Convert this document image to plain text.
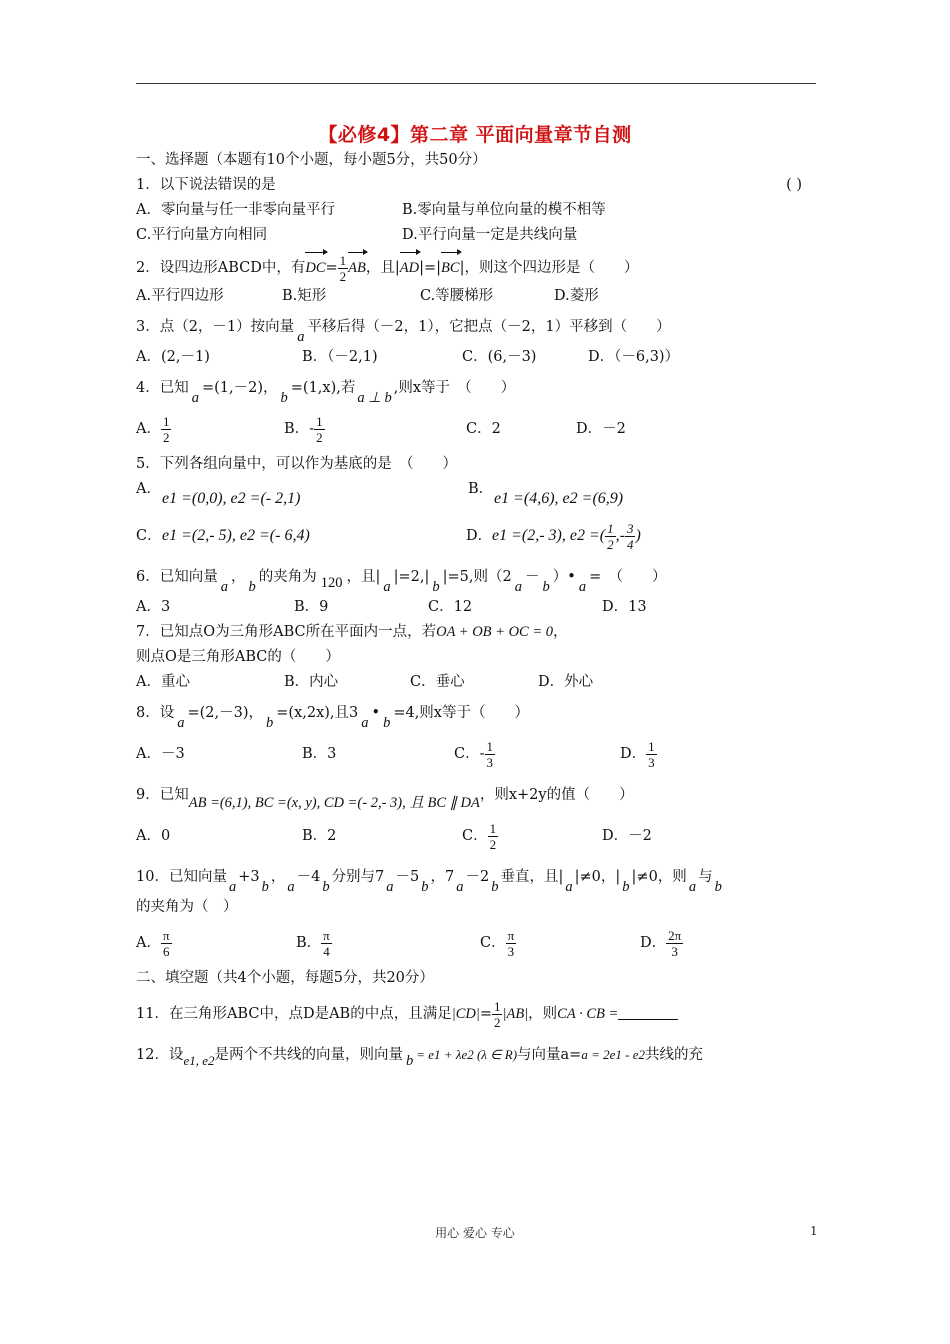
【必修4】第二章 平面向量章节自测
一、选择题（本题有10个小题，每小题5分，共50分）
1．以下说法错误的是	( )
A．零向量与任一非零向量平行	B.零向量与单位向量的模不相等
C.平行向量方向相同	D.平行向量一定是共线向量
2．设四边形ABCD中，有$DC= \frac{1}{2}$ AB，且|AD|=|BC|，则这个四边形是（　　）
A.平行四边形	B.矩形	C.等腰梯形	D.菱形
3．点（2，－1）按向量a平移后得（－2，1），它把点（－2，1）平移到（　　）
A．(2,－1)	B．（－2,1)	C．(6,－3)	D．（－6,3)）
4．已知a=(1,－2)，b=(1,x),若a ⊥ b,则x等于　（　　）
A． $\frac{1}{2}$	B．- $\frac{1}{2}$	C．2	D．－2
5．下列各组向量中，可以作为基底的是　（　　）
A．
e1 =(0,0), e2 =(- 2,1)
B．
e1 =(4,6), e2 =(6,9)
C． e1 =(2,- 5), e2 =(- 6,4)	D． e1 =(2,- 3), e2 =( $\frac{1}{2}$ ,- $\frac{3}{4}$ )
6．已知向量a，b的夹角为 120 ，且|a|=2,|b|=5,则（2a－b）•a=　（　　）
A．3	B．9	C．12	D．13
7．已知点O为三角形ABC所在平面内一点，若OA + OB + OC = 0，
则点O是三角形ABC的（　　）
A．重心	B．内心	C．垂心	D．外心
8．设a=(2,－3)，b=(x,2x),且3a•b=4,则x等于（　　）
A．－3	B．3	C．- $\frac{1}{3}$	D． $\frac{1}{3}$
9．已知AB =(6,1), BC =(x, y), CD =(- 2,- 3), 且 BC ∥ DA，则x+2y的值（　　）
A．0	B．2	C． $\frac{1}{2}$	D．－2
10．已知向量a+3b，a－4b分别与7a－5b，7a－2b垂直，且|a|≠0，|b|≠0，则a与b
的夹角为（　）
A． $\frac{\pi}{6}$	B． $\frac{\pi}{4}$	C． $\frac{\pi}{3}$	D． $\frac{2\pi}{3}$
二、填空题（共4个小题，每题5分，共20分）
11．在三角形ABC中，点D是AB的中点，且满足$|CD|= \frac{1}{2} |AB|$，则CA · CB =
12．设e1, e2是两个不共线的向量，则向量 b = e1 + λe2 (λ ∈ R)与向量a=a = 2e1 - e2共线的充
用心 爱心 专心	1
